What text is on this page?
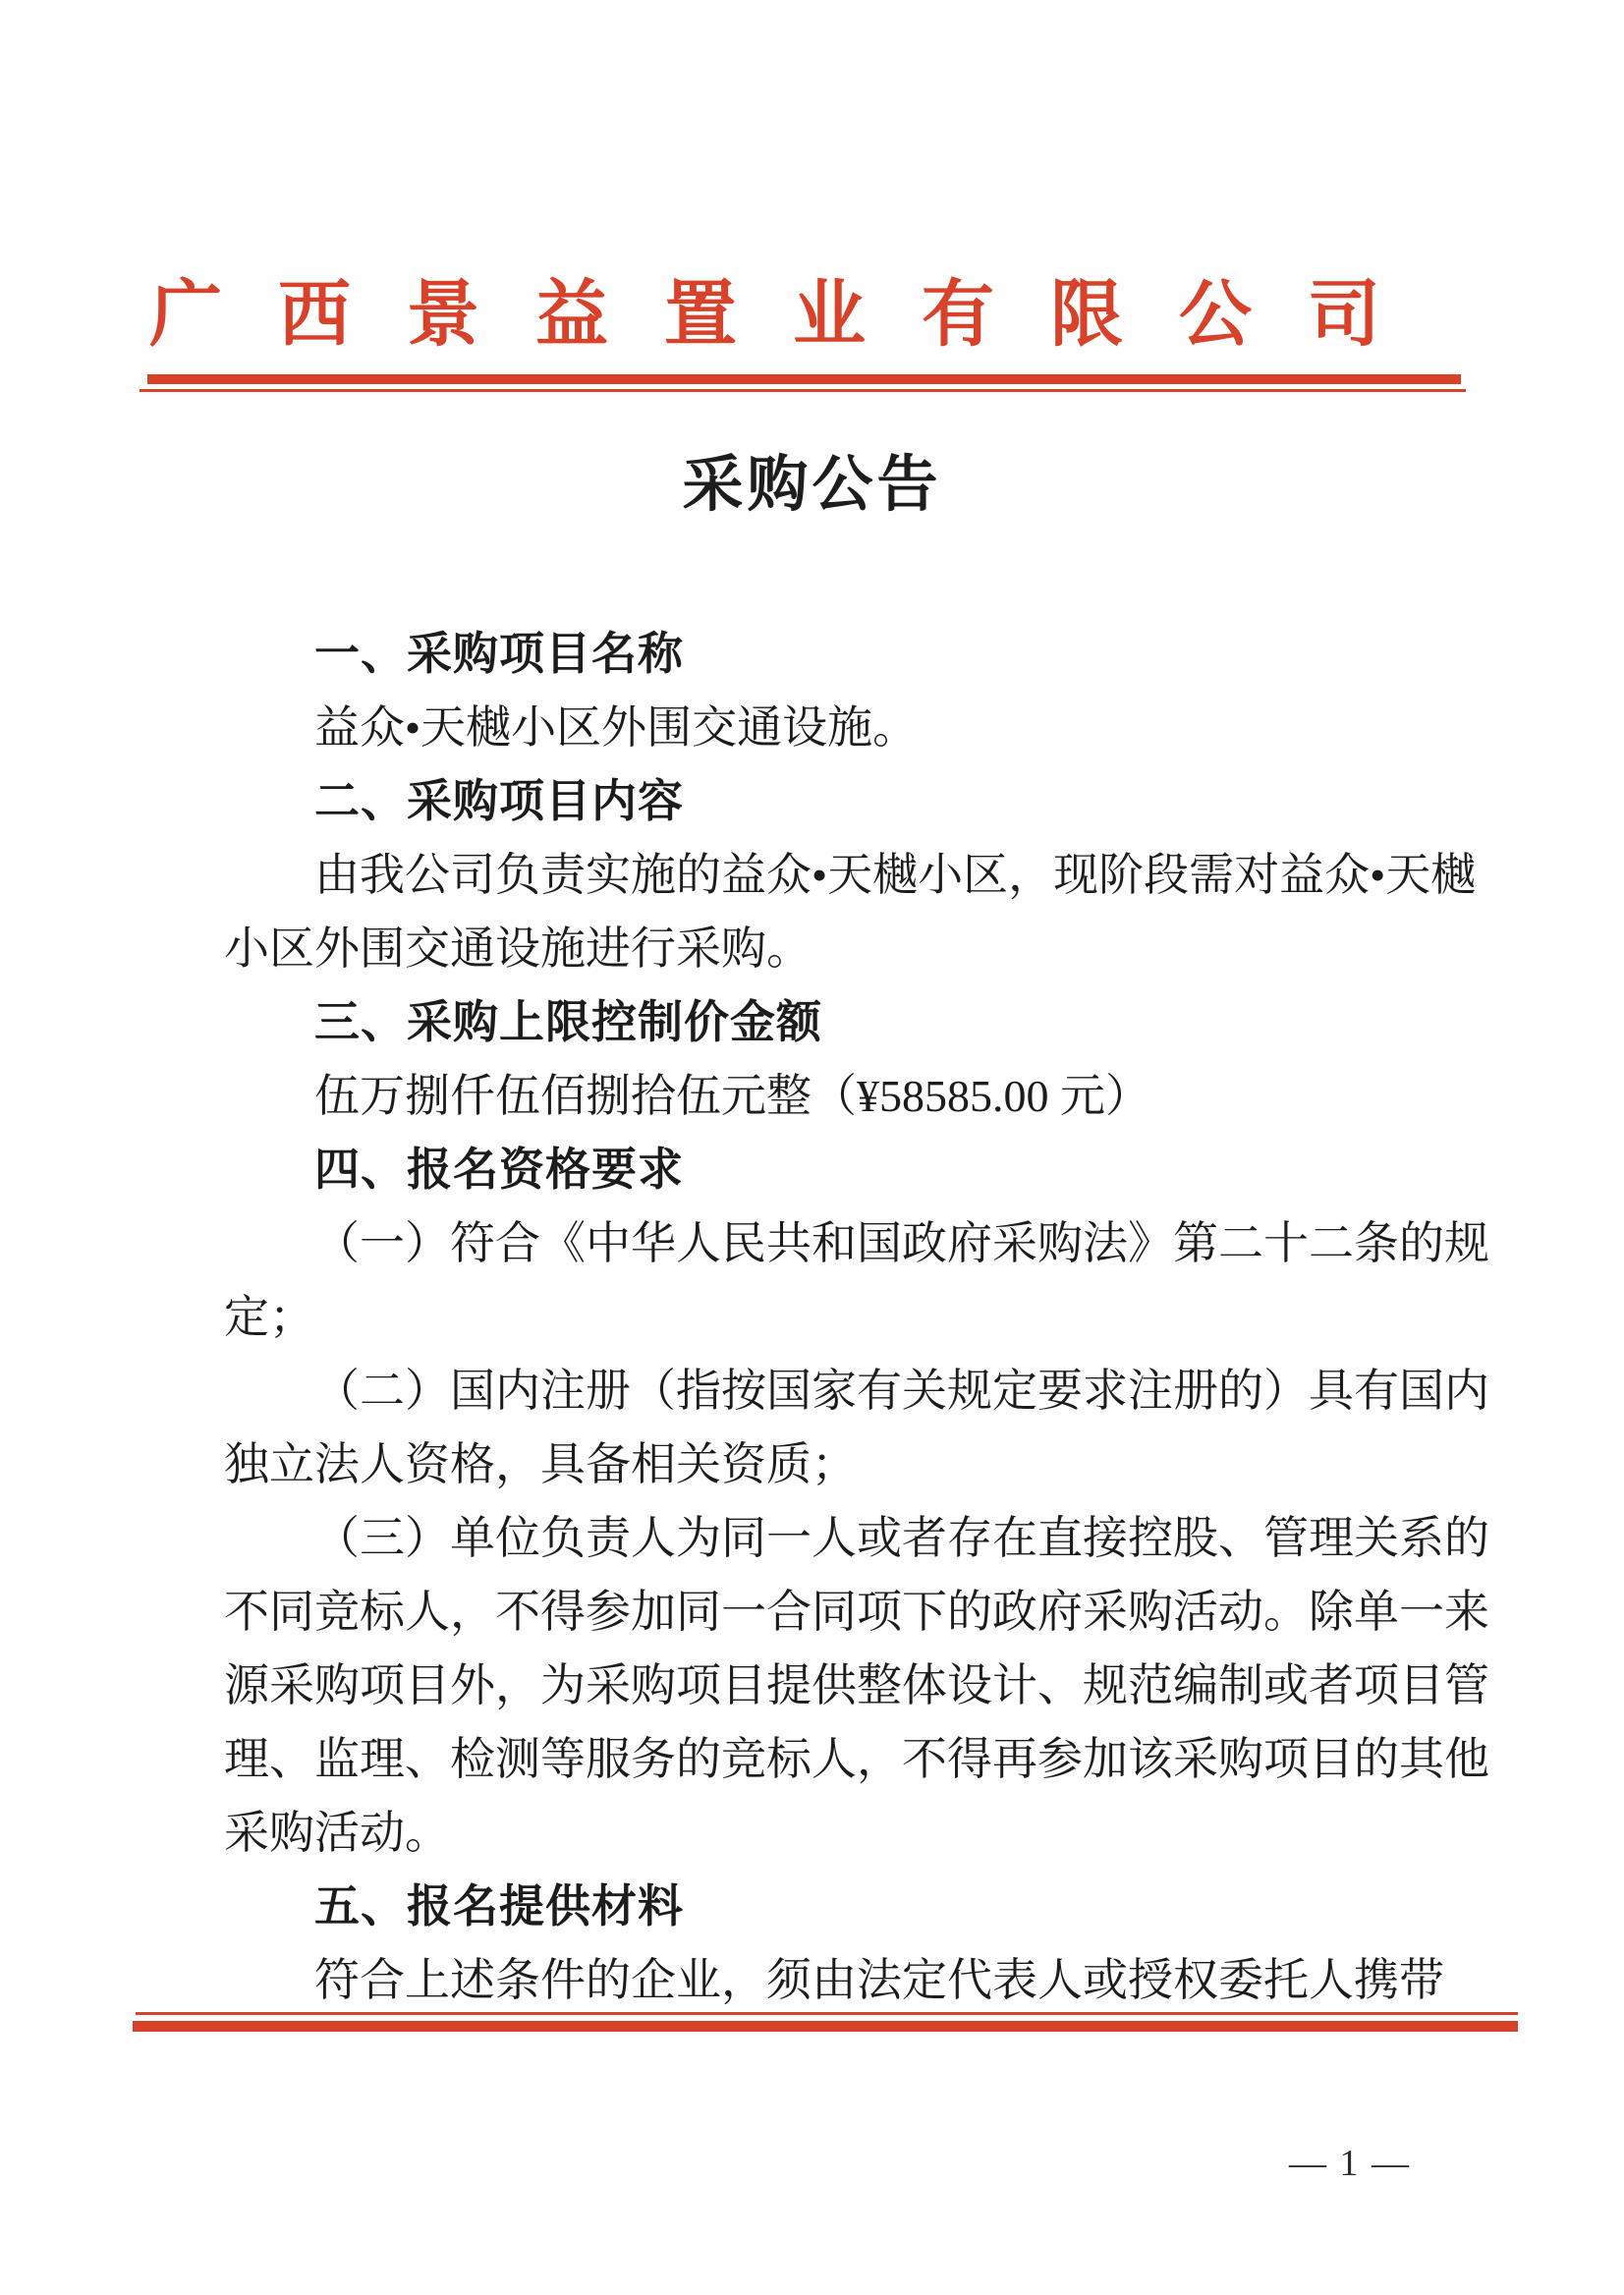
广西景益置业有限公司
采购公告
一、采购项目名称
益众•天樾小区外围交通设施。
二、采购项目内容
由我公司负责实施的益众•天樾小区，现阶段需对益众•天樾
小区外围交通设施进行采购。
三、采购上限控制价金额
伍万捌仟伍佰捌拾伍元整（¥58585.00 元）
四、报名资格要求
（一）符合《中华人民共和国政府采购法》第二十二条的规
定；
（二）国内注册（指按国家有关规定要求注册的）具有国内
独立法人资格，具备相关资质；
（三）单位负责人为同一人或者存在直接控股、管理关系的
不同竞标人，不得参加同一合同项下的政府采购活动。除单一来
源采购项目外，为采购项目提供整体设计、规范编制或者项目管
理、监理、检测等服务的竞标人，不得再参加该采购项目的其他
采购活动。
五、报名提供材料
符合上述条件的企业，须由法定代表人或授权委托人携带
— 1 —
